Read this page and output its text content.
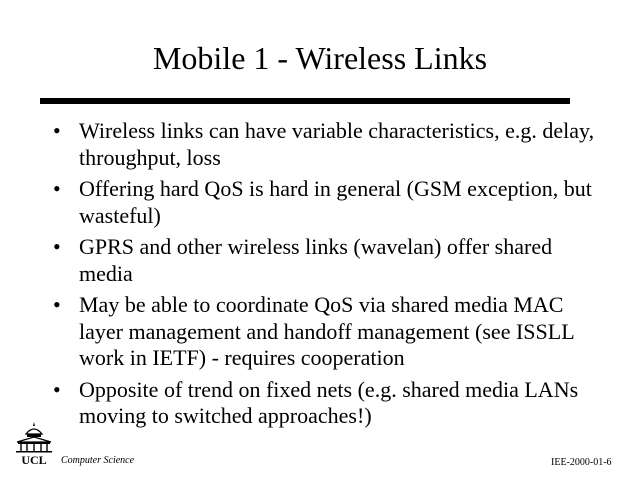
Mobile 1 - Wireless Links
• Wireless links can have variable characteristics, e.g. delay, throughput, loss
• Offering hard QoS is hard in general (GSM exception, but wasteful)
• GPRS and other wireless links (wavelan) offer shared media
• May be able to coordinate QoS via shared media MAC layer management and handoff management (see ISSLL work in IETF) - requires cooperation
• Opposite of trend on fixed nets (e.g. shared media LANs moving to switched approaches!)
UCL Computer Science	IEE-2000-01-6
